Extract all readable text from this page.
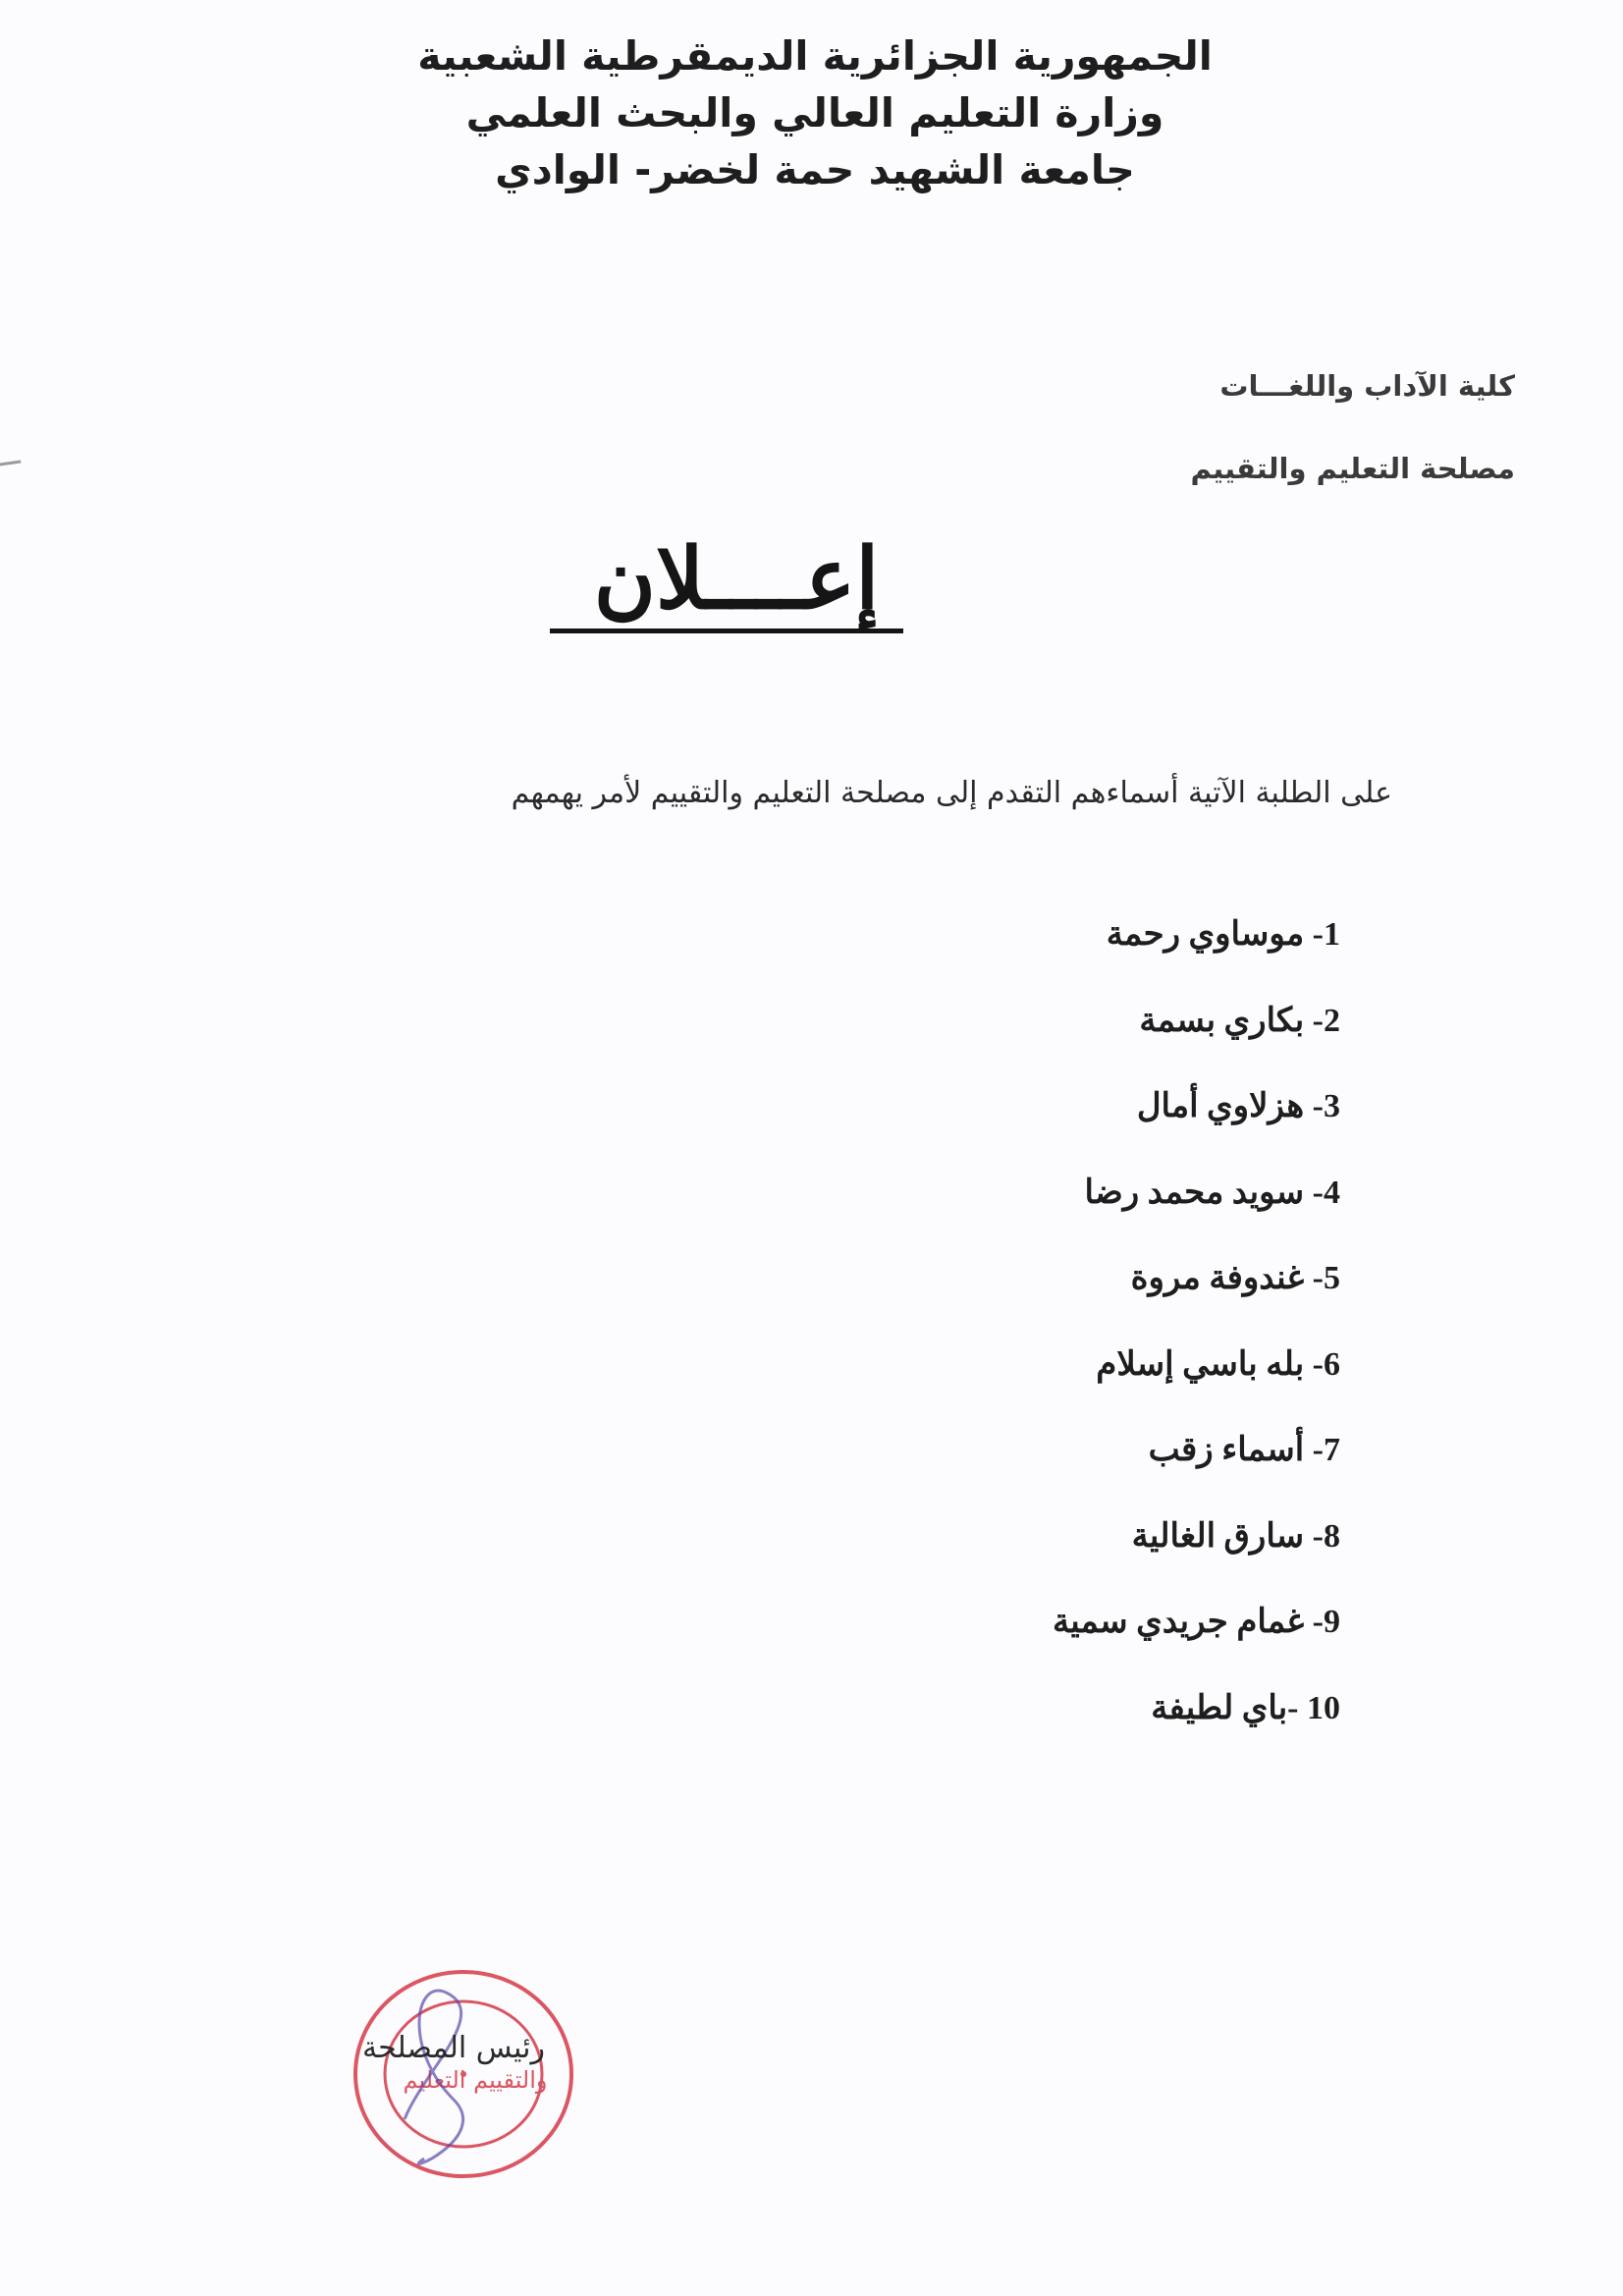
الجمهورية الجزائرية الديمقرطية الشعبية
وزارة التعليم العالي والبحث العلمي
جامعة الشهيد حمة لخضر- الوادي
كلية الآداب واللغـــات
مصلحة التعليم والتقييم
إعــــلان
على الطلبة الآتية أسماءهم التقدم إلى مصلحة التعليم والتقييم لأمر يهمهم
1- موساوي رحمة
2- بكاري بسمة
3- هزلاوي أمال
4- سويد محمد رضا
5- غندوفة مروة
6- بله باسي إسلام
7- أسماء زقب
8- سارق الغالية
9- غمام جريدي سمية
10 -باي لطيفة
والتقييم التعليم
رئيس المصلحة
